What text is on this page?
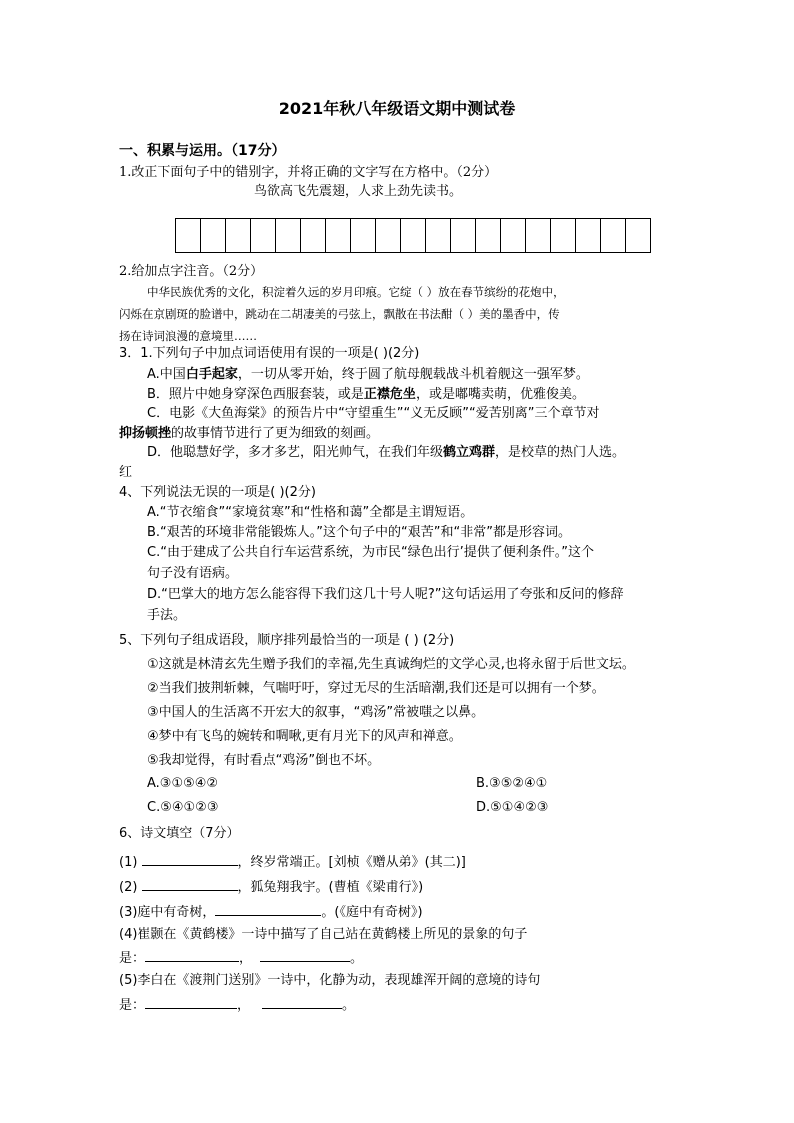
2021年秋八年级语文期中测试卷
一、积累与运用。（17分）
1.改正下面句子中的错别字，并将正确的文字写在方格中。（2分）
鸟欲高飞先震翅，人求上劲先读书。
2.给加点字注音。（2分）
中华民族优秀的文化，积淀着久远的岁月印痕。它绽（ ）放在春节缤纷的花炮中，
闪烁在京剧斑的脸谱中，跳动在二胡凄美的弓弦上，飘散在书法酣（ ）美的墨香中，传
扬在诗词浪漫的意境里……
3．1.下列句子中加点词语使用有误的一项是( )(2分)
A.中国白手起家，一切从零开始，终于圆了航母舰载战斗机着舰这一强军梦。
B．照片中她身穿深色西服套装，或是正襟危坐，或是嘟嘴卖萌，优雅俊美。
C．电影《大鱼海棠》的预告片中“守望重生”“义无反顾”“爱苦别离”三个章节对
抑扬顿挫的故事情节进行了更为细致的刻画。
D．他聪慧好学，多才多艺，阳光帅气，在我们年级鹤立鸡群，是校草的热门人选。
红
4、下列说法无误的一项是( )(2分)
A.“节衣缩食”“家境贫寒”和“性格和蔼”全都是主谓短语。
B.“艰苦的环境非常能锻炼人。”这个句子中的“艰苦”和“非常”都是形容词。
C.“由于建成了公共自行车运营系统，为市民“绿色出行’提供了便利条件。”这个
句子没有语病。
D.“巴掌大的地方怎么能容得下我们这几十号人呢?”这句话运用了夸张和反问的修辞
手法。
5、下列句子组成语段，顺序排列最恰当的一项是 ( ) (2分)
①这就是林清玄先生赠予我们的幸福,先生真诚绚烂的文学心灵,也将永留于后世文坛。
②当我们披荆斩棘，气喘吁吁，穿过无尽的生活暗潮,我们还是可以拥有一个梦。
③中国人的生活离不开宏大的叙事，“鸡汤”常被嗤之以鼻。
④梦中有飞鸟的婉转和啁啾,更有月光下的风声和禅意。
⑤我却觉得，有时看点“鸡汤”倒也不坏。
A.③①⑤④②	B.③⑤②④①
C.⑤④①②③	D.⑤①④②③
6、诗文填空（7分）
(1)	，终岁常端正。[刘桢《赠从弟》(其二)]
(2)	，狐兔翔我宇。(曹植《梁甫行》)
(3)庭中有奇树，	。(《庭中有奇树》)
(4)崔颢在《黄鹤楼》一诗中描写了自己站在黄鹤楼上所见的景象的句子
是：	，	。
(5)李白在《渡荆门送别》一诗中，化静为动，表现雄浑开阔的意境的诗句
是：	，	。
